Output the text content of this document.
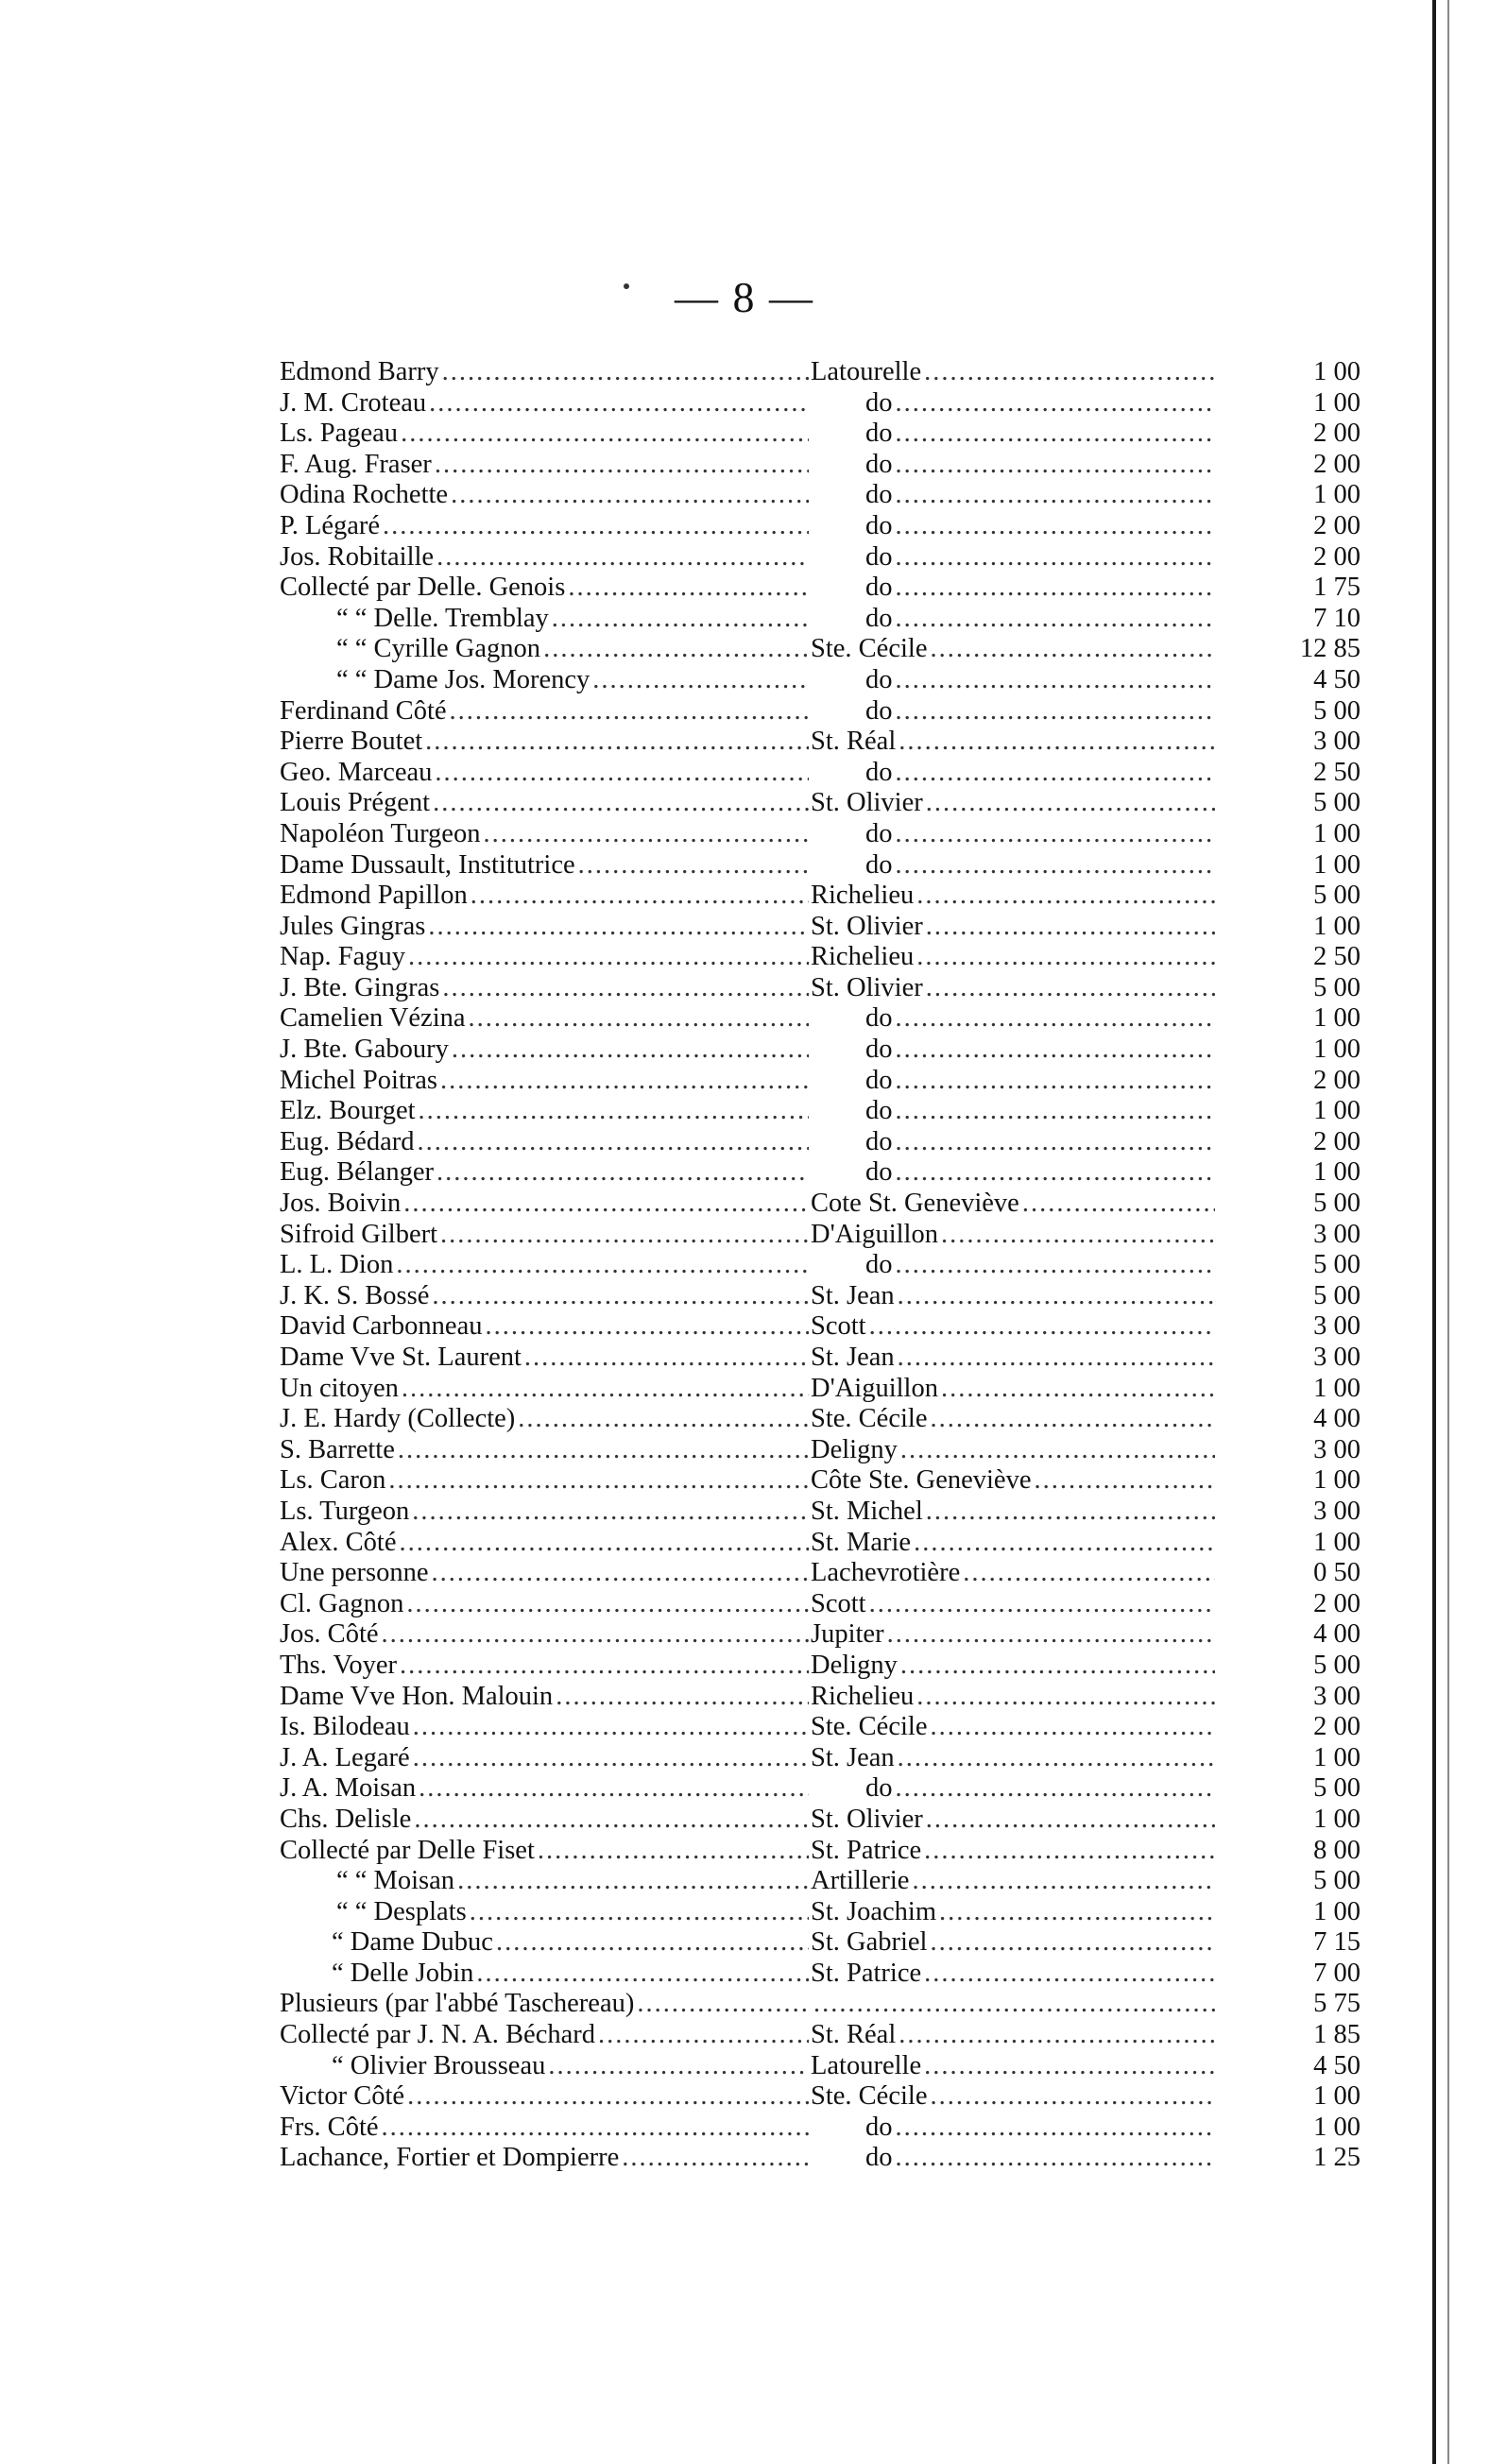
— 8 —
Edmond Barry .....	Latourelle .....	1 00
J. M. Croteau .....	do .....	1 00
Ls. Pageau .....	do .....	2 00
F. Aug. Fraser .....	do .....	2 00
Odina Rochette .....	do .....	1 00
P. Légaré .....	do .....	2 00
Jos. Robitaille .....	do .....	2 00
Collecté par Delle. Genois .....	do .....	1 75
“ “ Delle. Tremblay .....	do .....	7 10
“ “ Cyrille Gagnon .....	Ste. Cécile .....	12 85
“ “ Dame Jos. Morency .....	do .....	4 50
Ferdinand Côté .....	do .....	5 00
Pierre Boutet .....	St. Réal .....	3 00
Geo. Marceau .....	do .....	2 50
Louis Prégent .....	St. Olivier .....	5 00
Napoléon Turgeon .....	do .....	1 00
Dame Dussault, Institutrice .....	do .....	1 00
Edmond Papillon .....	Richelieu .....	5 00
Jules Gingras .....	St. Olivier .....	1 00
Nap. Faguy .....	Richelieu .....	2 50
J. Bte. Gingras .....	St. Olivier .....	5 00
Camelien Vézina .....	do .....	1 00
J. Bte. Gaboury .....	do .....	1 00
Michel Poitras .....	do .....	2 00
Elz. Bourget .....	do .....	1 00
Eug. Bédard .....	do .....	2 00
Eug. Bélanger .....	do .....	1 00
Jos. Boivin .....	Cote St. Geneviève .....	5 00
Sifroid Gilbert .....	D'Aiguillon .....	3 00
L. L. Dion .....	do .....	5 00
J. K. S. Bossé .....	St. Jean .....	5 00
David Carbonneau .....	Scott .....	3 00
Dame Vve St. Laurent .....	St. Jean .....	3 00
Un citoyen .....	D'Aiguillon .....	1 00
J. E. Hardy (Collecte) .....	Ste. Cécile .....	4 00
S. Barrette .....	Deligny .....	3 00
Ls. Caron .....	Côte Ste. Geneviève .....	1 00
Ls. Turgeon .....	St. Michel .....	3 00
Alex. Côté .....	St. Marie .....	1 00
Une personne .....	Lachevrotière .....	0 50
Cl. Gagnon .....	Scott .....	2 00
Jos. Côté .....	Jupiter .....	4 00
Ths. Voyer .....	Deligny .....	5 00
Dame Vve Hon. Malouin .....	Richelieu .....	3 00
Is. Bilodeau .....	Ste. Cécile .....	2 00
J. A. Legaré .....	St. Jean .....	1 00
J. A. Moisan .....	do .....	5 00
Chs. Delisle .....	St. Olivier .....	1 00
Collecté par Delle Fiset .....	St. Patrice .....	8 00
“ “ Moisan .....	Artillerie .....	5 00
“ “ Desplats .....	St. Joachim .....	1 00
“ Dame Dubuc .....	St. Gabriel .....	7 15
“ Delle Jobin .....	St. Patrice .....	7 00
Plusieurs (par l'abbé Taschereau) .....
.....	5 75
Collecté par J. N. A. Béchard .....	St. Réal .....	1 85
“ Olivier Brousseau .....	Latourelle .....	4 50
Victor Côté .....	Ste. Cécile .....	1 00
Frs. Côté .....	do .....	1 00
Lachance, Fortier et Dompierre .....	do .....	1 25
